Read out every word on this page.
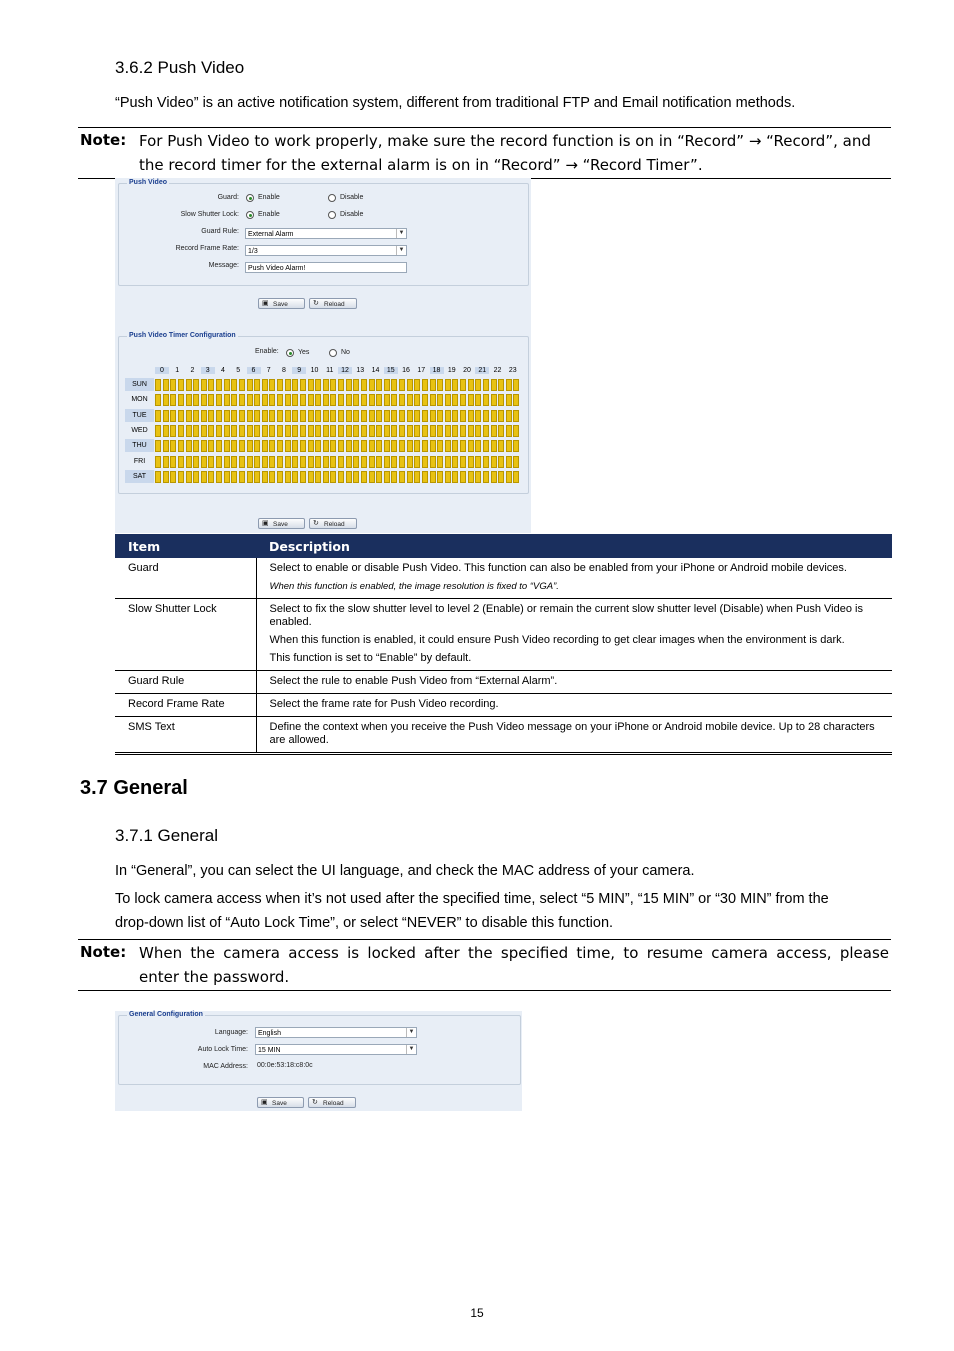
3.6.2 Push Video
“Push Video” is an active notification system, different from traditional FTP and Email notification methods.
Note: For Push Video to work properly, make sure the record function is on in “Record” → “Record”, and
the record timer for the external alarm is on in “Record” → “Record Timer”.
Push Video
Guard:	Enable	Disable
Slow Shutter Lock:	Enable	Disable
Guard Rule:	External Alarm	▼
Record Frame Rate:	1/3	▼
Message:	Push Video Alarm!
▣ Save	↻ Reload
Push Video Timer Configuration
Enable:	Yes	No
0	1	2	3	4	5	6	7	8	9	10	11	12	13	14	15	16	17	18	19	20	21	22	23
SUN
MON
TUE
WED
THU
FRI
SAT
▣ Save	↻ Reload
Item	Description
Guard	Select to enable or disable Push Video. This function can also be enabled from your iPhone or Android mobile devices.

When this function is enabled, the image resolution is fixed to “VGA”.

Slow Shutter Lock	Select to fix the slow shutter level to level 2 (Enable) or remain the current slow shutter level (Disable) when Push Video is enabled.

When this function is enabled, it could ensure Push Video recording to get clear images when the environment is dark.

This function is set to “Enable” by default.

Guard Rule	Select the rule to enable Push Video from “External Alarm”.

Record Frame Rate	Select the frame rate for Push Video recording.

SMS Text	Define the context when you receive the Push Video message on your iPhone or Android mobile device. Up to 28 characters are allowed.

3.7 General
3.7.1 General
In “General”, you can select the UI language, and check the MAC address of your camera.
To lock camera access when it’s not used after the specified time, select “5 MIN”, “15 MIN” or “30 MIN” from the
drop-down list of “Auto Lock Time”, or select “NEVER” to disable this function.
Note: When the camera access is locked after the specified time, to resume camera access, please
enter the password.
General Configuration
Language:	English	▼
Auto Lock Time:	15 MIN	▼
MAC Address: 00:0e:53:18:c8:0c
▣ Save	↻ Reload
15
